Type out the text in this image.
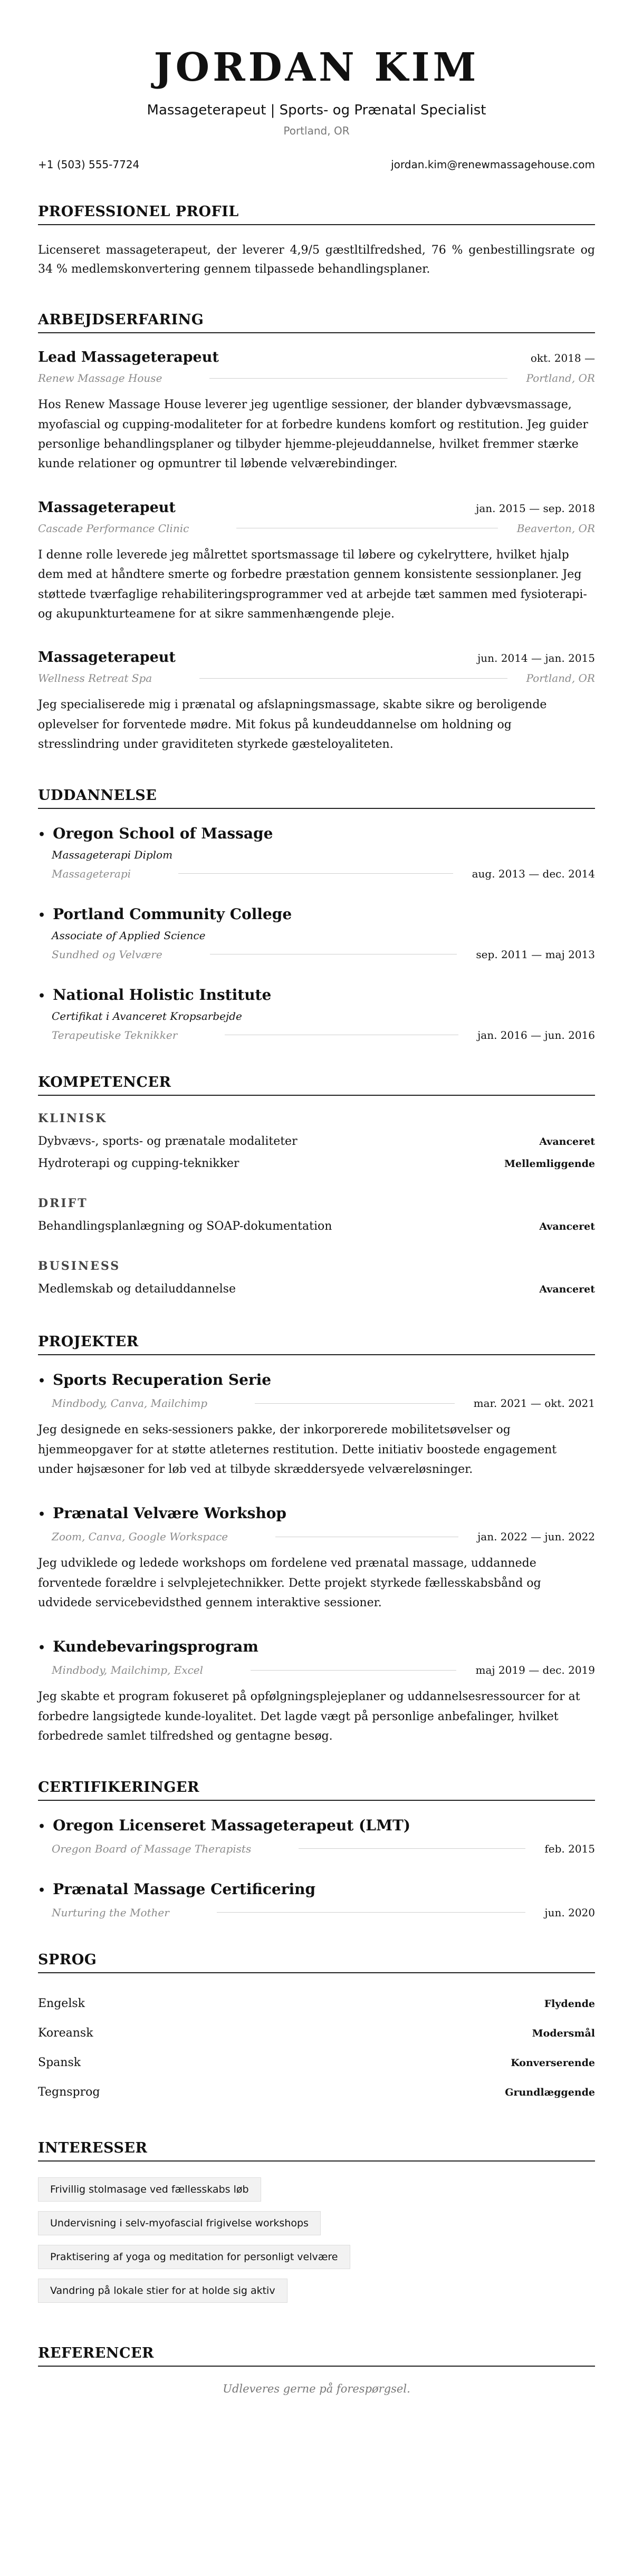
JORDAN KIM
Massageterapeut | Sports- og Prænatal Specialist
Portland, OR
+1 (503) 555-7724	jordan.kim@renewmassagehouse.com
PROFESSIONEL PROFIL
Licenseret massageterapeut, der leverer 4,9/5 gæstltilfredshed, 76 % genbestillingsrate og 34 % medlemskonvertering gennem tilpassede behandlingsplaner.
ARBEJDSERFARING
Lead Massageterapeut	okt. 2018 —
Renew Massage House	Portland, OR
Hos Renew Massage House leverer jeg ugentlige sessioner, der blander dybvævsmassage, myofascial og cupping-modaliteter for at forbedre kundens komfort og restitution. Jeg guider personlige behandlingsplaner og tilbyder hjemme-plejeuddannelse, hvilket fremmer stærke kunde relationer og opmuntrer til løbende velværebindinger.
Massageterapeut	jan. 2015 — sep. 2018
Cascade Performance Clinic	Beaverton, OR
I denne rolle leverede jeg målrettet sportsmassage til løbere og cykelryttere, hvilket hjalp dem med at håndtere smerte og forbedre præstation gennem konsistente sessionplaner. Jeg støttede tværfaglige rehabiliteringsprogrammer ved at arbejde tæt sammen med fysioterapi- og akupunkturteamene for at sikre sammenhængende pleje.
Massageterapeut	jun. 2014 — jan. 2015
Wellness Retreat Spa	Portland, OR
Jeg specialiserede mig i prænatal og afslapningsmassage, skabte sikre og beroligende oplevelser for forventede mødre. Mit fokus på kundeuddannelse om holdning og stresslindring under graviditeten styrkede gæsteloyaliteten.
UDDANNELSE
• Oregon School of Massage
Massageterapi Diplom
Massageterapi	aug. 2013 — dec. 2014
• Portland Community College
Associate of Applied Science
Sundhed og Velvære	sep. 2011 — maj 2013
• National Holistic Institute
Certifikat i Avanceret Kropsarbejde
Terapeutiske Teknikker	jan. 2016 — jun. 2016
KOMPETENCER
KLINISK
Dybvævs-, sports- og prænatale modaliteter	Avanceret
Hydroterapi og cupping-teknikker	Mellemliggende
DRIFT
Behandlingsplanlægning og SOAP-dokumentation	Avanceret
BUSINESS
Medlemskab og detailuddannelse	Avanceret
PROJEKTER
• Sports Recuperation Serie
Mindbody, Canva, Mailchimp	mar. 2021 — okt. 2021
Jeg designede en seks-sessioners pakke, der inkorporerede mobilitetsøvelser og hjemmeopgaver for at støtte atleternes restitution. Dette initiativ boostede engagement under højsæsoner for løb ved at tilbyde skræddersyede velværeløsninger.
• Prænatal Velvære Workshop
Zoom, Canva, Google Workspace	jan. 2022 — jun. 2022
Jeg udviklede og ledede workshops om fordelene ved prænatal massage, uddannede forventede forældre i selvplejetechnikker. Dette projekt styrkede fællesskabsbånd og udvidede servicebevidsthed gennem interaktive sessioner.
• Kundebevaringsprogram
Mindbody, Mailchimp, Excel	maj 2019 — dec. 2019
Jeg skabte et program fokuseret på opfølgningsplejeplaner og uddannelsesressourcer for at forbedre langsigtede kunde-loyalitet. Det lagde vægt på personlige anbefalinger, hvilket forbedrede samlet tilfredshed og gentagne besøg.
CERTIFIKERINGER
• Oregon Licenseret Massageterapeut (LMT)
Oregon Board of Massage Therapists	feb. 2015
• Prænatal Massage Certificering
Nurturing the Mother	jun. 2020
SPROG
Engelsk	Flydende
Koreansk	Modersmål
Spansk	Konverserende
Tegnsprog	Grundlæggende
INTERESSER
Frivillig stolmasage ved fællesskabs løb
Undervisning i selv-myofascial frigivelse workshops
Praktisering af yoga og meditation for personligt velvære
Vandring på lokale stier for at holde sig aktiv
REFERENCER
Udleveres gerne på forespørgsel.
